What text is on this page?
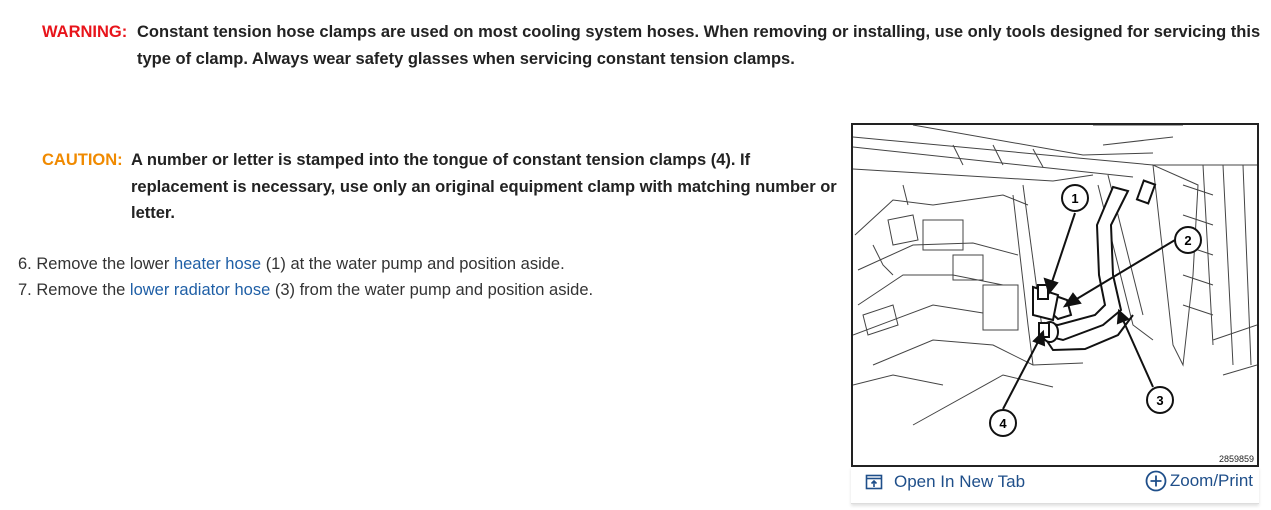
WARNING: Constant tension hose clamps are used on most cooling system hoses. When removing or installing, use only tools designed for servicing this type of clamp. Always wear safety glasses when servicing constant tension clamps.
CAUTION: A number or letter is stamped into the tongue of constant tension clamps (4). If replacement is necessary, use only an original equipment clamp with matching number or letter.
6. Remove the lower heater hose (1) at the water pump and position aside.
7. Remove the lower radiator hose (3) from the water pump and position aside.
1
2
3
4
2859859
Open In New Tab	Zoom/Print
